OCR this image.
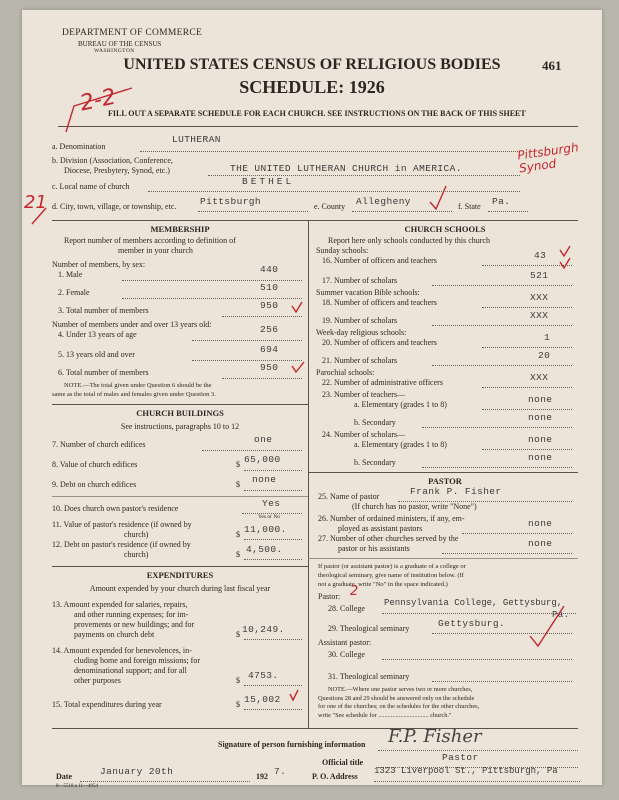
DEPARTMENT OF COMMERCE
BUREAU OF THE CENSUS
WASHINGTON
461
UNITED STATES CENSUS OF RELIGIOUS BODIES
SCHEDULE: 1926
2-2
FILL OUT A SEPARATE SCHEDULE FOR EACH CHURCH. SEE INSTRUCTIONS ON THE BACK OF THIS SHEET
a. Denomination
LUTHERAN
b. Division (Association, Conference,
Diocese, Presbytery, Synod, etc.)	THE UNITED LUTHERAN CHURCH in AMERICA.
Pittsburgh Synod
c. Local name of church	BETHEL
21 d. City, town, village, or township, etc. Pittsburgh	e. County Allegheny	f. State Pa.
MEMBERSHIP
Report number of members according to definition of
member in your church
Number of members, by sex:
1. Male	440
2. Female	510
3. Total number of members	950
Number of members under and over 13 years old:
4. Under 13 years of age	256
5. 13 years old and over	694
6. Total number of members	950
NOTE.—The total given under Question 6 should be the
same as the total of males and females given under Question 3.
CHURCH BUILDINGS
See instructions, paragraphs 10 to 12
7. Number of church edifices	one
8. Value of church edifices	$ 65,000
9. Debt on church edifices	$ none
10. Does church own pastor's residence	Yes
Yes or No
11. Value of pastor's residence (if owned by
church)	$ 11,000.
12. Debt on pastor's residence (if owned by
church)	$ 4,500.
EXPENDITURES
Amount expended by your church during last fiscal year
13. Amount expended for salaries, repairs,
and other running expenses; for im-
provements or new buildings; and for
payments on church debt	$ 10,249.
14. Amount expended for benevolences, in-
cluding home and foreign missions; for
denominational support; and for all
other purposes	$ 4753.
15. Total expenditures during year	$ 15,002
CHURCH SCHOOLS
Report here only schools conducted by this church
Sunday schools:
16. Number of officers and teachers	43
17. Number of scholars	521
Summer vacation Bible schools:
18. Number of officers and teachers	XXX
19. Number of scholars	XXX
Week-day religious schools:
20. Number of officers and teachers	1
21. Number of scholars	20
Parochial schools:
22. Number of administrative officers	XXX
23. Number of teachers—
a. Elementary (grades 1 to 8)	none
b. Secondary	none
24. Number of scholars—
a. Elementary (grades 1 to 8)	none
b. Secondary	none
PASTOR
25. Name of pastor	Frank P. Fisher
(If church has no pastor, write "None")
26. Number of ordained ministers, if any, em-
ployed as assistant pastors	none
27. Number of other churches served by the
pastor or his assistants	none
If pastor (or assistant pastor) is a graduate of a college or
theological seminary, give name of institution below. (If
not a graduate, write "No" in the space indicated.)
Pastor: 2
28. College
Pennsylvania College, Gettysburg,
Pa.
29. Theological seminary	Gettysburg.
Assistant pastor:
30. College
31. Theological seminary
NOTE.—Where one pastor serves two or more churches,
Questions 28 and 29 should be answered only on the schedule
for one of the churches; on the schedules for the other churches,
write "See schedule for ................................ church."
Signature of person furnishing information F.P. Fisher
Official title	Pastor
Date	January 20th	192 7.	P. O. Address
1323 Liverpool St., Pittsburgh, Pa
8—5518 a 11—4054
